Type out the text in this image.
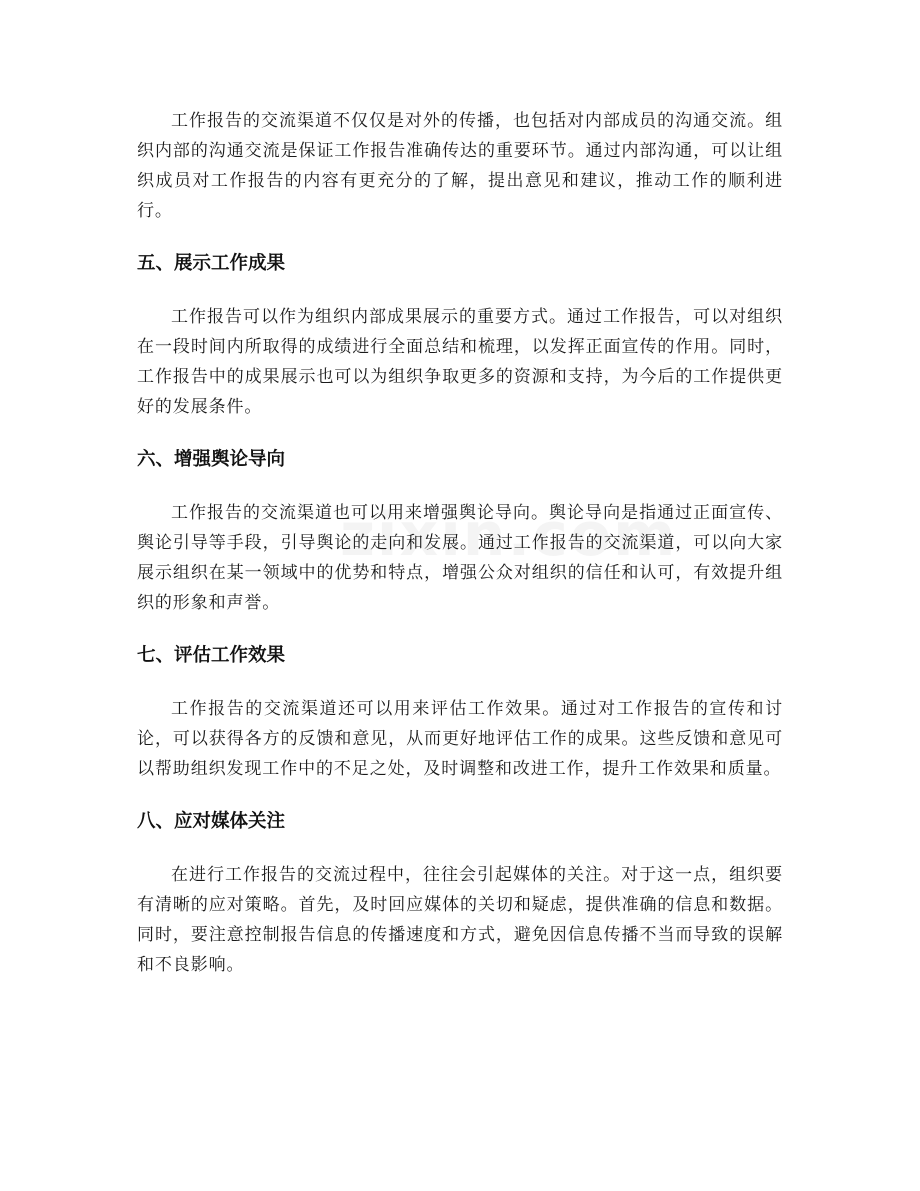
工作报告的交流渠道不仅仅是对外的传播，也包括对内部成员的沟通交流。组织内部的沟通交流是保证工作报告准确传达的重要环节。通过内部沟通，可以让组织成员对工作报告的内容有更充分的了解，提出意见和建议，推动工作的顺利进行。

五、展示工作成果

工作报告可以作为组织内部成果展示的重要方式。通过工作报告，可以对组织在一段时间内所取得的成绩进行全面总结和梳理，以发挥正面宣传的作用。同时，工作报告中的成果展示也可以为组织争取更多的资源和支持，为今后的工作提供更好的发展条件。

六、增强舆论导向

工作报告的交流渠道也可以用来增强舆论导向。舆论导向是指通过正面宣传、舆论引导等手段，引导舆论的走向和发展。通过工作报告的交流渠道，可以向大家展示组织在某一领域中的优势和特点，增强公众对组织的信任和认可，有效提升组织的形象和声誉。

七、评估工作效果

工作报告的交流渠道还可以用来评估工作效果。通过对工作报告的宣传和讨论，可以获得各方的反馈和意见，从而更好地评估工作的成果。这些反馈和意见可以帮助组织发现工作中的不足之处，及时调整和改进工作，提升工作效果和质量。

八、应对媒体关注

在进行工作报告的交流过程中，往往会引起媒体的关注。对于这一点，组织要有清晰的应对策略。首先，及时回应媒体的关切和疑虑，提供准确的信息和数据。同时，要注意控制报告信息的传播速度和方式，避免因信息传播不当而导致的误解和不良影响。
